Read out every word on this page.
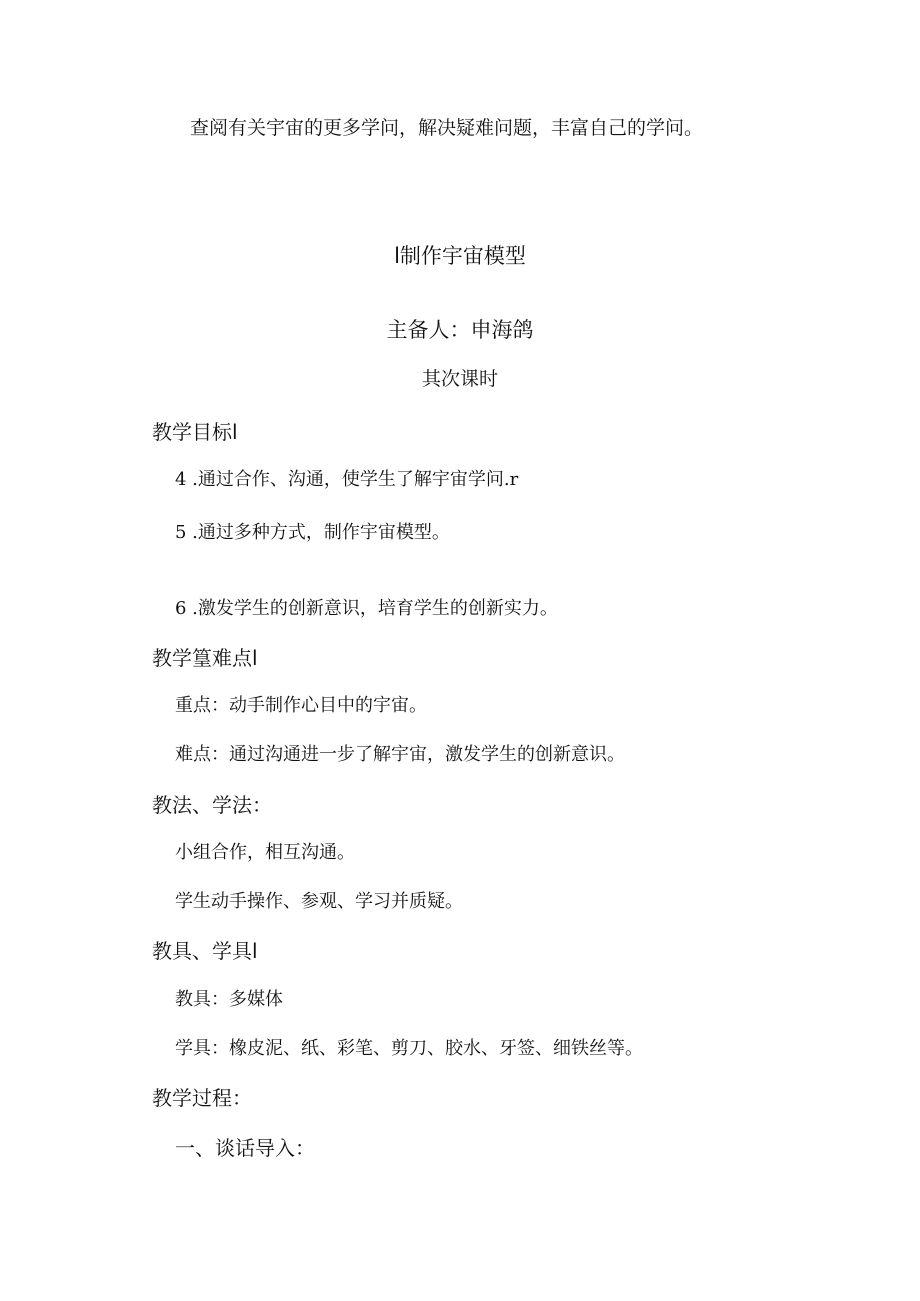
查阅有关宇宙的更多学问，解决疑难问题，丰富自己的学问。
l制作宇宙模型
主备人：申海鸽
其次课时
教学目标l
4 .通过合作、沟通，使学生了解宇宙学问.r
5 .通过多种方式，制作宇宙模型。
6 .激发学生的创新意识，培育学生的创新实力。
教学篁难点l
重点：动手制作心目中的宇宙。
难点：通过沟通进一步了解宇宙，激发学生的创新意识。
教法、学法：
小组合作，相互沟通。
学生动手操作、参观、学习并质疑。
教具、学具l
教具：多媒体
学具：橡皮泥、纸、彩笔、剪刀、胶水、牙签、细铁丝等。
教学过程：
一、谈话导入：
